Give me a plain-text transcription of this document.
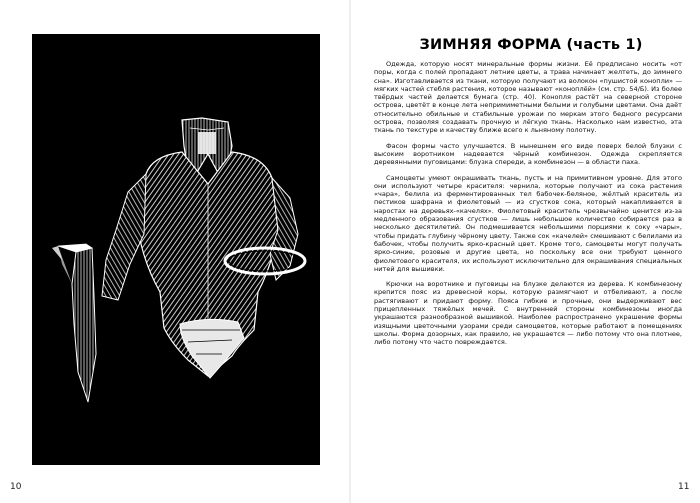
10
ЗИМНЯЯ ФОРМА (часть 1)

Одежда, которую носят минеральные формы жизни. Её предписано носить «от поры, когда с полей пропадают летние цветы, а трава начинает желтеть, до зимнего сна». Изготавливается из ткани, которую получают из волокон «пушистой конопли» — мягких частей стебля растения, которое называют «коноплёй» (см. стр. 54/Б). Из более твёрдых частей делается бумага (стр. 40). Конопля растёт на северной стороне острова, цветёт в конце лета непримиметными белыми и голубыми цветами. Она даёт относительно обильные и стабильные урожаи по меркам этого бедного ресурсами острова, позволяя создавать прочную и лёгкую ткань. Насколько нам известно, эта ткань по текстуре и качеству ближе всего к льняному полотну.

Фасон формы часто улучшается. В нынешнем его виде поверх белой блузки с высоким воротником надевается чёрный комбинезон. Одежда скрепляется деревянными пуговицами: блузка спереди, а комбинезон — в области паха.

Самоцветы умеют окрашивать ткань, пусть и на примитивном уровне. Для этого они используют четыре красителя: чернила, которые получают из сока растения «чара», белила из ферментированных тел бабочек-беляное, жёлтый краситель из пестиков шафрана и фиолетовый — из сгустков сока, который накапливается в наростах на деревьях-«качелях». Фиолетовый краситель чрезвычайно ценится из-за медленного образования сгустков — лишь небольшое количество собирается раз в несколько десятилетий. Он подмешивается небольшими порциями к соку «чары», чтобы придать глубину чёрному цвету. Также сок «качелей» смешивают с белилами из бабочек, чтобы получить ярко-красный цвет. Кроме того, самоцветы могут получать ярко-синие, розовые и другие цвета, но поскольку все они требуют ценного фиолетового красителя, их используют исключительно для окрашивания специальных нитей для вышивки.

Крючки на воротнике и пуговицы на блузке делаются из дерева. К комбинезону крепится пояс из древесной коры, которую размягчают и отбеливают, а после растягивают и придают форму. Пояса гибкие и прочные, они выдерживают вес прицепленных тяжёлых мечей. С внутренней стороны комбинезоны иногда украшаются разнообразной вышивкой. Наиболее распространено украшение формы изящными цветочными узорами среди самоцветов, которые работают в помещениях школы. Форма дозорных, как правило, не украшается — либо потому что она плотнее, либо потому что часто повреждается.

11
